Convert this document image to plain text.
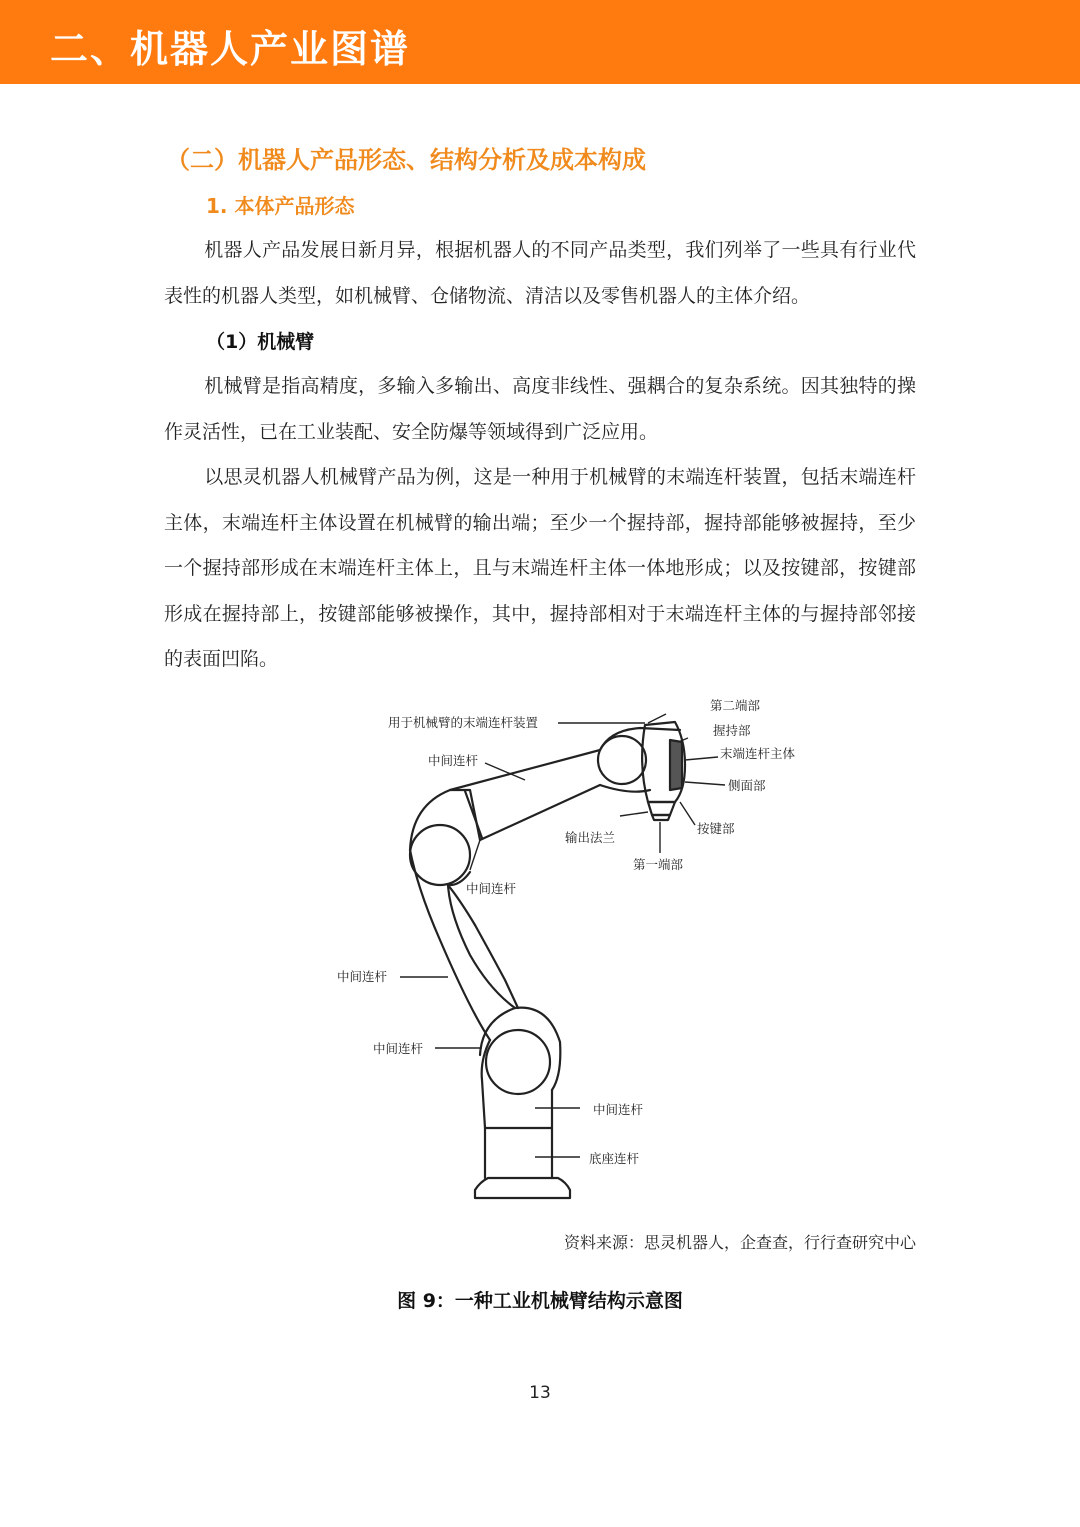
二、机器人产业图谱
（二）机器人产品形态、结构分析及成本构成
1. 本体产品形态
机器人产品发展日新月异，根据机器人的不同产品类型，我们列举了一些具有行业代表性的机器人类型，如机械臂、仓储物流、清洁以及零售机器人的主体介绍。
（1）机械臂
机械臂是指高精度，多输入多输出、高度非线性、强耦合的复杂系统。因其独特的操作灵活性，已在工业装配、安全防爆等领域得到广泛应用。
以思灵机器人机械臂产品为例，这是一种用于机械臂的末端连杆装置，包括末端连杆主体，末端连杆主体设置在机械臂的输出端；至少一个握持部，握持部能够被握持，至少一个握持部形成在末端连杆主体上，且与末端连杆主体一体地形成；以及按键部，按键部形成在握持部上，按键部能够被操作，其中，握持部相对于末端连杆主体的与握持部邻接的表面凹陷。
用于机械臂的末端连杆装置
第二端部
握持部
末端连杆主体
侧面部
按键部
输出法兰
第一端部
中间连杆
中间连杆
中间连杆
中间连杆
中间连杆
底座连杆
资料来源：思灵机器人，企查查，行行查研究中心
图 9：一种工业机械臂结构示意图
13
